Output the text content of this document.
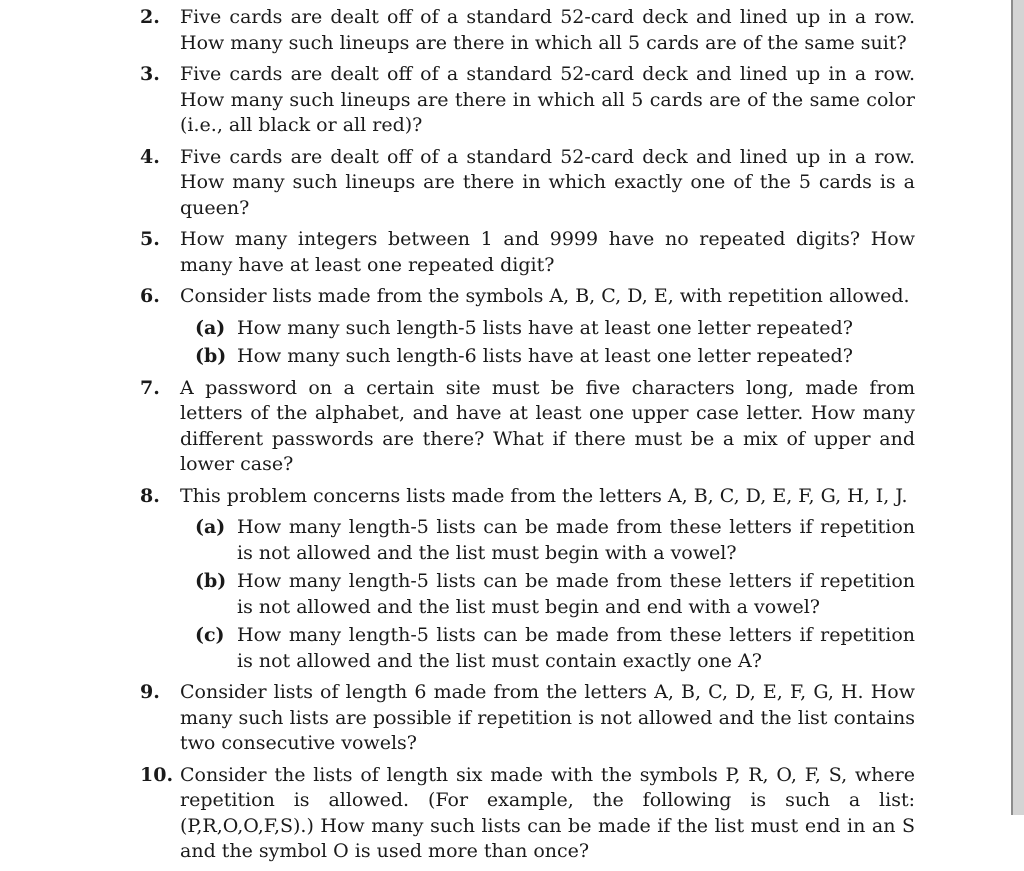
2.	Five cards are dealt off of a standard 52-card deck and lined up in a row. How many such lineups are there in which all 5 cards are of the same suit?
3.	Five cards are dealt off of a standard 52-card deck and lined up in a row. How many such lineups are there in which all 5 cards are of the same color (i.e., all black or all red)?
4.	Five cards are dealt off of a standard 52-card deck and lined up in a row. How many such lineups are there in which exactly one of the 5 cards is a queen?
5.	How many integers between 1 and 9999 have no repeated digits? How many have at least one repeated digit?
6.	Consider lists made from the symbols A, B, C, D, E, with repetition allowed.
(a) How many such length-5 lists have at least one letter repeated?
(b) How many such length-6 lists have at least one letter repeated?
7.	A password on a certain site must be five characters long, made from letters of the alphabet, and have at least one upper case letter. How many different passwords are there? What if there must be a mix of upper and lower case?
8.	This problem concerns lists made from the letters A, B, C, D, E, F, G, H, I, J.
(a) How many length-5 lists can be made from these letters if repetition is not allowed and the list must begin with a vowel?
(b) How many length-5 lists can be made from these letters if repetition is not allowed and the list must begin and end with a vowel?
(c) How many length-5 lists can be made from these letters if repetition is not allowed and the list must contain exactly one A?
9.	Consider lists of length 6 made from the letters A, B, C, D, E, F, G, H. How many such lists are possible if repetition is not allowed and the list contains two consecutive vowels?
10. Consider the lists of length six made with the symbols P, R, O, F, S, where repetition is allowed. (For example, the following is such a list: (P,R,O,O,F,S).) How many such lists can be made if the list must end in an S and the symbol O is used more than once?
